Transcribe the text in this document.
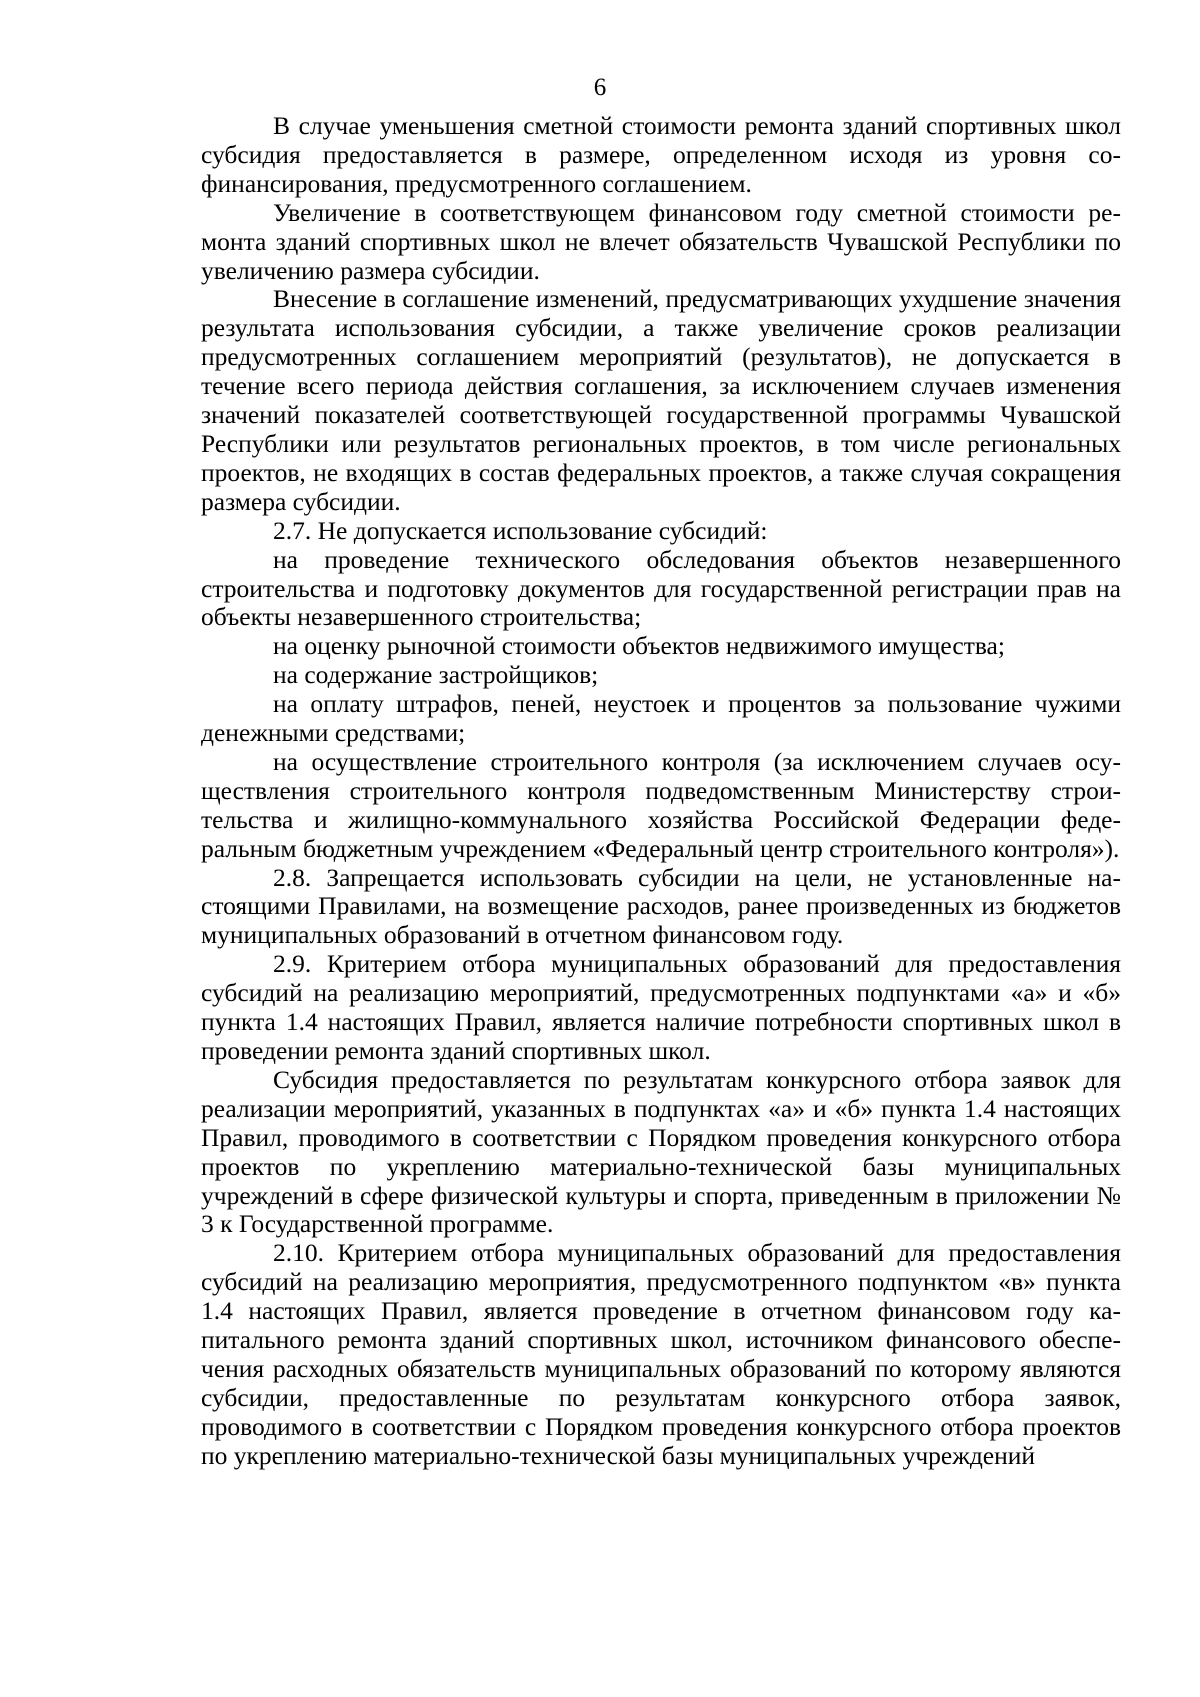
6

В случае уменьшения сметной стоимости ремонта зданий спортивных школ субсидия предоставляется в размере, определенном исходя из уровня софинансирования, предусмотренного соглашением.

Увеличение в соответствующем финансовом году сметной стоимости ремонта зданий спортивных школ не влечет обязательств Чувашской Республики по увеличению размера субсидии.

Внесение в соглашение изменений, предусматривающих ухудшение значения результата использования субсидии, а также увеличение сроков реализации предусмотренных соглашением мероприятий (результатов), не допускается в течение всего периода действия соглашения, за исключением случаев изменения значений показателей соответствующей государственной программы Чувашской Республики или результатов региональных проектов, в том числе региональных проектов, не входящих в состав федеральных проектов, а также случая сокращения размера субсидии.

2.7. Не допускается использование субсидий:

на проведение технического обследования объектов незавершенного строительства и подготовку документов для государственной регистрации прав на объекты незавершенного строительства;

на оценку рыночной стоимости объектов недвижимого имущества;

на содержание застройщиков;

на оплату штрафов, пеней, неустоек и процентов за пользование чужими денежными средствами;

на осуществление строительного контроля (за исключением случаев осуществления строительного контроля подведомственным Министерству строительства и жилищно-коммунального хозяйства Российской Федерации федеральным бюджетным учреждением «Федеральный центр строительного контроля»).

2.8. Запрещается использовать субсидии на цели, не установленные настоящими Правилами, на возмещение расходов, ранее произведенных из бюджетов муниципальных образований в отчетном финансовом году.

2.9. Критерием отбора муниципальных образований для предоставления субсидий на реализацию мероприятий, предусмотренных подпунктами «а» и «б» пункта 1.4 настоящих Правил, является наличие потребности спортивных школ в проведении ремонта зданий спортивных школ.

Субсидия предоставляется по результатам конкурсного отбора заявок для реализации мероприятий, указанных в подпунктах «а» и «б» пункта 1.4 настоящих Правил, проводимого в соответствии с Порядком проведения конкурсного отбора проектов по укреплению материально-технической базы муниципальных учреждений в сфере физической культуры и спорта, приведенным в приложении № 3 к Государственной программе.

2.10. Критерием отбора муниципальных образований для предоставления субсидий на реализацию мероприятия, предусмотренного подпунктом «в» пункта 1.4 настоящих Правил, является проведение в отчетном финансовом году капитального ремонта зданий спортивных школ, источником финансового обеспечения расходных обязательств муниципальных образований по которому являются субсидии, предоставленные по результатам конкурсного отбора заявок, проводимого в соответствии с Порядком проведения конкурсного отбора проектов по укреплению материально-технической базы муниципальных учреждений
